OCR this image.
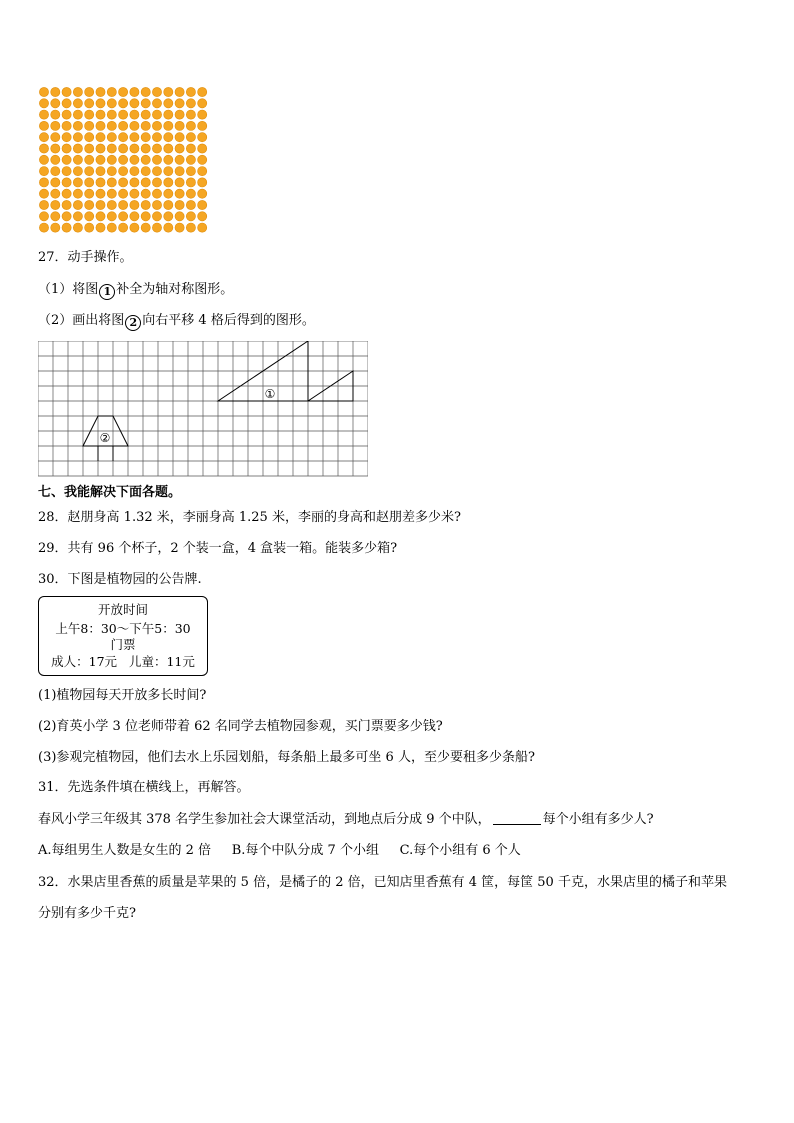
27．动手操作。
（1）将图 1 补全为轴对称图形。
（2）画出将图 2 向右平移 4 格后得到的图形。
①
②
七、我能解决下面各题。
28．赵朋身高 1.32 米，李丽身高 1.25 米，李丽的身高和赵朋差多少米?
29．共有 96 个杯子，2 个装一盒，4 盒装一箱。能装多少箱?
30．下图是植物园的公告牌.
开放时间
上午8：30～下午5：30
门票
成人：17元   儿童：11元
(1)植物园每天开放多长时间?
(2)育英小学 3 位老师带着 62 名同学去植物园参观，买门票要多少钱?
(3)参观完植物园，他们去水上乐园划船，每条船上最多可坐 6 人，至少要租多少条船?
31．先选条件填在横线上，再解答。
春风小学三年级其 378 名学生参加社会大课堂活动，到地点后分成 9 个中队，	每个小组有多少人?
A.每组男生人数是女生的 2 倍     B.每个中队分成 7 个小组     C.每个小组有 6 个人
32．水果店里香蕉的质量是苹果的 5 倍，是橘子的 2 倍，已知店里香蕉有 4 筐，每筐 50 千克，水果店里的橘子和苹果
分别有多少千克?
